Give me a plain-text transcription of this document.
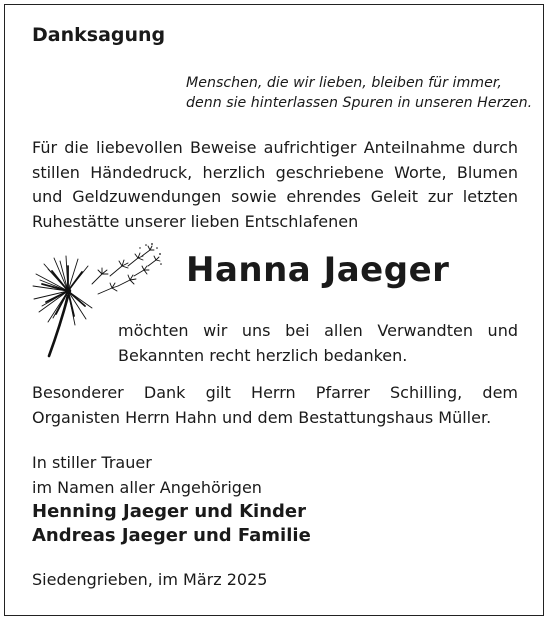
Danksagung
Menschen, die wir lieben, bleiben für immer,
denn sie hinterlassen Spuren in unseren Herzen.
Für die liebevollen Beweise aufrichtiger Anteilnahme durch
stillen Händedruck, herzlich geschriebene Worte, Blumen
und Geldzuwendungen sowie ehrendes Geleit zur letzten
Ruhestätte unserer lieben Entschlafenen
Hanna Jaeger
möchten wir uns bei allen Verwandten und
Bekannten recht herzlich bedanken.
Besonderer Dank gilt Herrn Pfarrer Schilling, dem
Organisten Herrn Hahn und dem Bestattungshaus Müller.
In stiller Trauer
im Namen aller Angehörigen
Henning Jaeger und Kinder
Andreas Jaeger und Familie
Siedengrieben, im März 2025
